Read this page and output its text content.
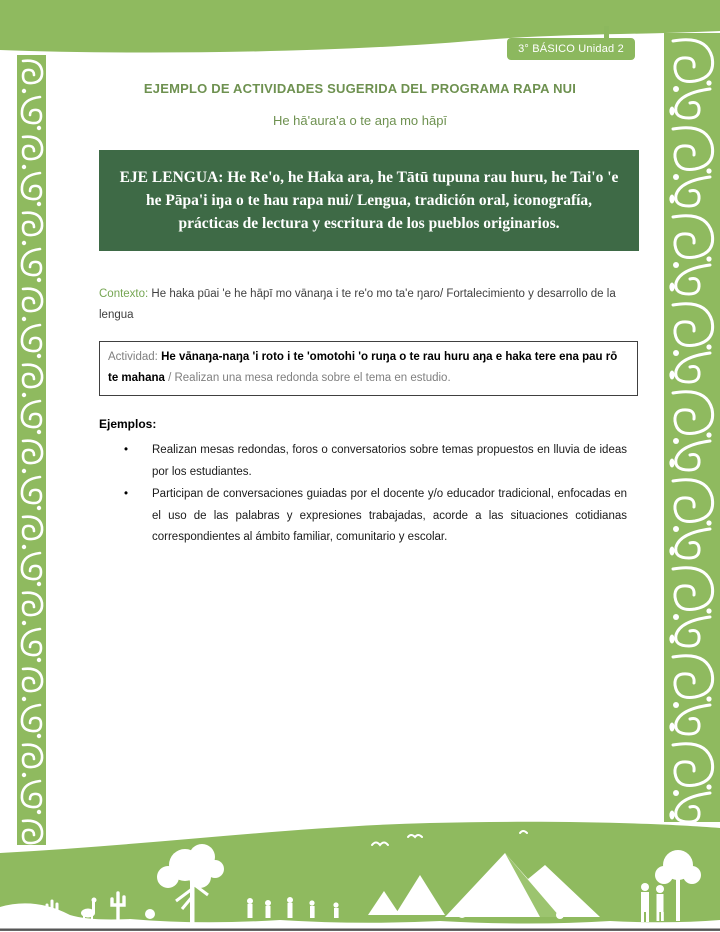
3° BÁSICO Unidad 2
EJEMPLO DE ACTIVIDADES SUGERIDA DEL PROGRAMA RAPA NUI
He hā'aura'a o te aŋa mo hāpī
EJE LENGUA: He Re'o, he Haka ara, he Tātū tupuna rau huru, he Tai'o 'e he Pāpa'i iŋa o te hau rapa nui/ Lengua, tradición oral, iconografía, prácticas de lectura y escritura de los pueblos originarios.

Contexto: He haka pūai 'e he hāpī mo vānaŋa i te re'o mo ta'e ŋaro/ Fortalecimiento y desarrollo de la lengua

Actividad: He vānaŋa-naŋa 'i roto i te 'omotohi 'o ruŋa o te rau huru aŋa e haka tere ena pau rō te mahana / Realizan una mesa redonda sobre el tema en estudio.
Ejemplos:
• Realizan mesas redondas, foros o conversatorios sobre temas propuestos en lluvia de ideas por los estudiantes.
• Participan de conversaciones guiadas por el docente y/o educador tradicional, enfocadas en el uso de las palabras y expresiones trabajadas, acorde a las situaciones cotidianas correspondientes al ámbito familiar, comunitario y escolar.
